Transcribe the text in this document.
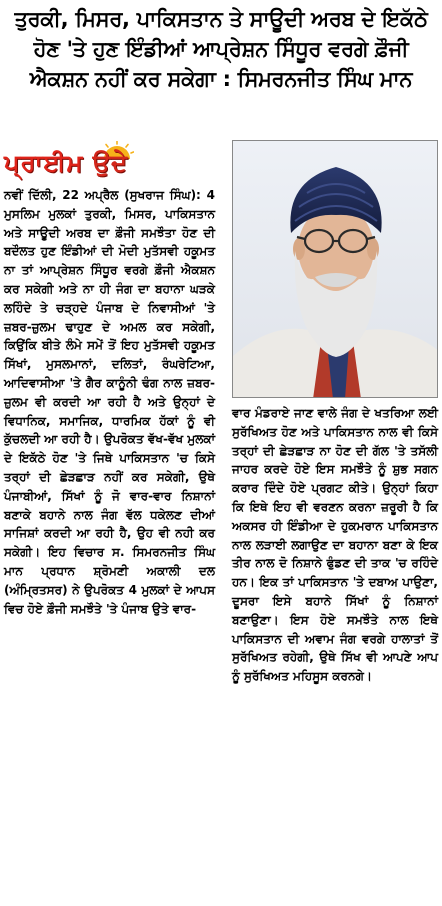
ਤੁਰਕੀ, ਮਿਸਰ, ਪਾਕਿਸਤਾਨ ਤੇ ਸਾਊਦੀ ਅਰਬ ਦੇ ਇਕੱਠੇ ਹੋਣ 'ਤੇ ਹੁਣ ਇੰਡੀਆਂ ਆਪ੍ਰੇਸ਼ਨ ਸਿੰਧੂਰ ਵਰਗੇ ਫ਼ੌਜੀ ਐਕਸ਼ਨ ਨਹੀਂ ਕਰ ਸਕੇਗਾ : ਸਿਮਰਨਜੀਤ ਸਿੰਘ ਮਾਨ
ਪ੍ਰਾਈਮ ਉਦੇ
ਨਵੀਂ ਦਿੱਲੀ, 22 ਅਪ੍ਰੈਲ (ਸੁਖਰਾਜ ਸਿੰਘ): 4 ਮੁਸਲਿਮ ਮੁਲਕਾਂ ਤੁਰਕੀ, ਮਿਸਰ, ਪਾਕਿਸਤਾਨ ਅਤੇ ਸਾਊਦੀ ਅਰਬ ਦਾ ਫ਼ੌਜੀ ਸਮਝੌਤਾ ਹੋਣ ਦੀ ਬਦੌਲਤ ਹੁਣ ਇੰਡੀਆਂ ਦੀ ਮੋਦੀ ਮੁਤੱਸਵੀ ਹਕੂਮਤ ਨਾ ਤਾਂ ਆਪ੍ਰੇਸ਼ਨ ਸਿੰਧੂਰ ਵਰਗੇ ਫ਼ੌਜੀ ਐਕਸ਼ਨ ਕਰ ਸਕੇਗੀ ਅਤੇ ਨਾ ਹੀ ਜੰਗ ਦਾ ਬਹਾਨਾ ਘੜਕੇ ਲਹਿੰਦੇ ਤੇ ਚੜ੍ਹਦੇ ਪੰਜਾਬ ਦੇ ਨਿਵਾਸੀਆਂ 'ਤੇ ਜ਼ਬਰ-ਜ਼ੁਲਮ ਢਾਹੁਣ ਦੇ ਅਮਲ ਕਰ ਸਕੇਗੀ, ਕਿਉਂਕਿ ਬੀਤੇ ਲੰਮੇ ਸਮੇਂ ਤੋਂ ਇਹ ਮੁਤੱਸਵੀ ਹਕੂਮਤ ਸਿੱਖਾਂ, ਮੁਸਲਮਾਨਾਂ, ਦਲਿਤਾਂ, ਰੰਘਰੇਟਿਆ, ਆਦਿਵਾਸੀਆ 'ਤੇ ਗੈਰ ਕਾਨੂੰਨੀ ਢੰਗ ਨਾਲ ਜ਼ਬਰ-ਜ਼ੁਲਮ ਵੀ ਕਰਦੀ ਆ ਰਹੀ ਹੈ ਅਤੇ ਉਨ੍ਹਾਂ ਦੇ ਵਿਧਾਨਿਕ, ਸਮਾਜਿਕ, ਧਾਰਮਿਕ ਹੱਕਾਂ ਨੂੰ ਵੀ ਕੁੱਚਲਦੀ ਆ ਰਹੀ ਹੈ। ਉਪਰੋਕਤ ਵੱਖ-ਵੱਖ ਮੁਲਕਾਂ ਦੇ ਇਕੱਠੇ ਹੋਣ 'ਤੇ ਜਿਥੇ ਪਾਕਿਸਤਾਨ 'ਚ ਕਿਸੇ ਤਰ੍ਹਾਂ ਦੀ ਛੇੜਛਾੜ ਨਹੀਂ ਕਰ ਸਕੇਗੀ, ਉਥੇ ਪੰਜਾਬੀਆਂ, ਸਿੱਖਾਂ ਨੂੰ ਜੋ ਵਾਰ-ਵਾਰ ਨਿਸ਼ਾਨਾਂ ਬਣਾਕੇ ਬਹਾਨੇ ਨਾਲ ਜੰਗ ਵੱਲ ਧਕੇਲਣ ਦੀਆਂ ਸਾਜਿਸ਼ਾਂ ਕਰਦੀ ਆ ਰਹੀ ਹੈ, ਉਹ ਵੀ ਨਹੀ ਕਰ ਸਕੇਗੀ। ਇਹ ਵਿਚਾਰ ਸ. ਸਿਮਰਨਜੀਤ ਸਿੰਘ ਮਾਨ ਪ੍ਰਧਾਨ ਸ਼੍ਰੋਮਣੀ ਅਕਾਲੀ ਦਲ (ਅੰਮ੍ਰਿਤਸਰ) ਨੇ ਉਪਰੋਕਤ 4 ਮੁਲਕਾਂ ਦੇ ਆਪਸ ਵਿਚ ਹੋਏ ਫ਼ੌਜੀ ਸਮਝੌਤੇ 'ਤੇ ਪੰਜਾਬ ਉਤੇ ਵਾਰ-
ਵਾਰ ਮੰਡਰਾਏ ਜਾਣ ਵਾਲੇ ਜੰਗ ਦੇ ਖਤਰਿਆ ਲਈ ਸੁਰੱਖਿਅਤ ਹੋਣ ਅਤੇ ਪਾਕਿਸਤਾਨ ਨਾਲ ਵੀ ਕਿਸੇ ਤਰ੍ਹਾਂ ਦੀ ਛੇੜਛਾੜ ਨਾ ਹੋਣ ਦੀ ਗੱਲ 'ਤੇ ਤਸੱਲੀ ਜਾਹਰ ਕਰਦੇ ਹੋਏ ਇਸ ਸਮਝੌਤੇ ਨੂੰ ਸ਼ੁਭ ਸਗਨ ਕਰਾਰ ਦਿੰਦੇ ਹੋਏ ਪ੍ਰਗਟ ਕੀਤੇ। ਉਨ੍ਹਾਂ ਕਿਹਾ ਕਿ ਇਥੇ ਇਹ ਵੀ ਵਰਣਨ ਕਰਨਾ ਜ਼ਰੂਰੀ ਹੈ ਕਿ ਅਕਸਰ ਹੀ ਇੰਡੀਆ ਦੇ ਹੁਕਮਰਾਨ ਪਾਕਿਸਤਾਨ ਨਾਲ ਲੜਾਈ ਲਗਾਉਣ ਦਾ ਬਹਾਨਾ ਬਣਾ ਕੇ ਇਕ ਤੀਰ ਨਾਲ ਦੋ ਨਿਸ਼ਾਨੇ ਫੁੰਡਣ ਦੀ ਤਾਕ 'ਚ ਰਹਿੰਦੇ ਹਨ। ਇਕ ਤਾਂ ਪਾਕਿਸਤਾਨ 'ਤੇ ਦਬਾਅ ਪਾਉਣਾ, ਦੂਸਰਾ ਇਸੇ ਬਹਾਨੇ ਸਿੱਖਾਂ ਨੂੰ ਨਿਸ਼ਾਨਾਂ ਬਣਾਉਣਾ। ਇਸ ਹੋਏ ਸਮਝੌਤੇ ਨਾਲ ਇਥੇ ਪਾਕਿਸਤਾਨ ਦੀ ਅਵਾਮ ਜੰਗ ਵਰਗੇ ਹਾਲਾਤਾਂ ਤੋਂ ਸੁਰੱਖਿਅਤ ਰਹੇਗੀ, ਉਥੇ ਸਿੱਖ ਵੀ ਆਪਣੇ ਆਪ ਨੂੰ ਸੁਰੱਖਿਅਤ ਮਹਿਸੂਸ ਕਰਨਗੇ।
